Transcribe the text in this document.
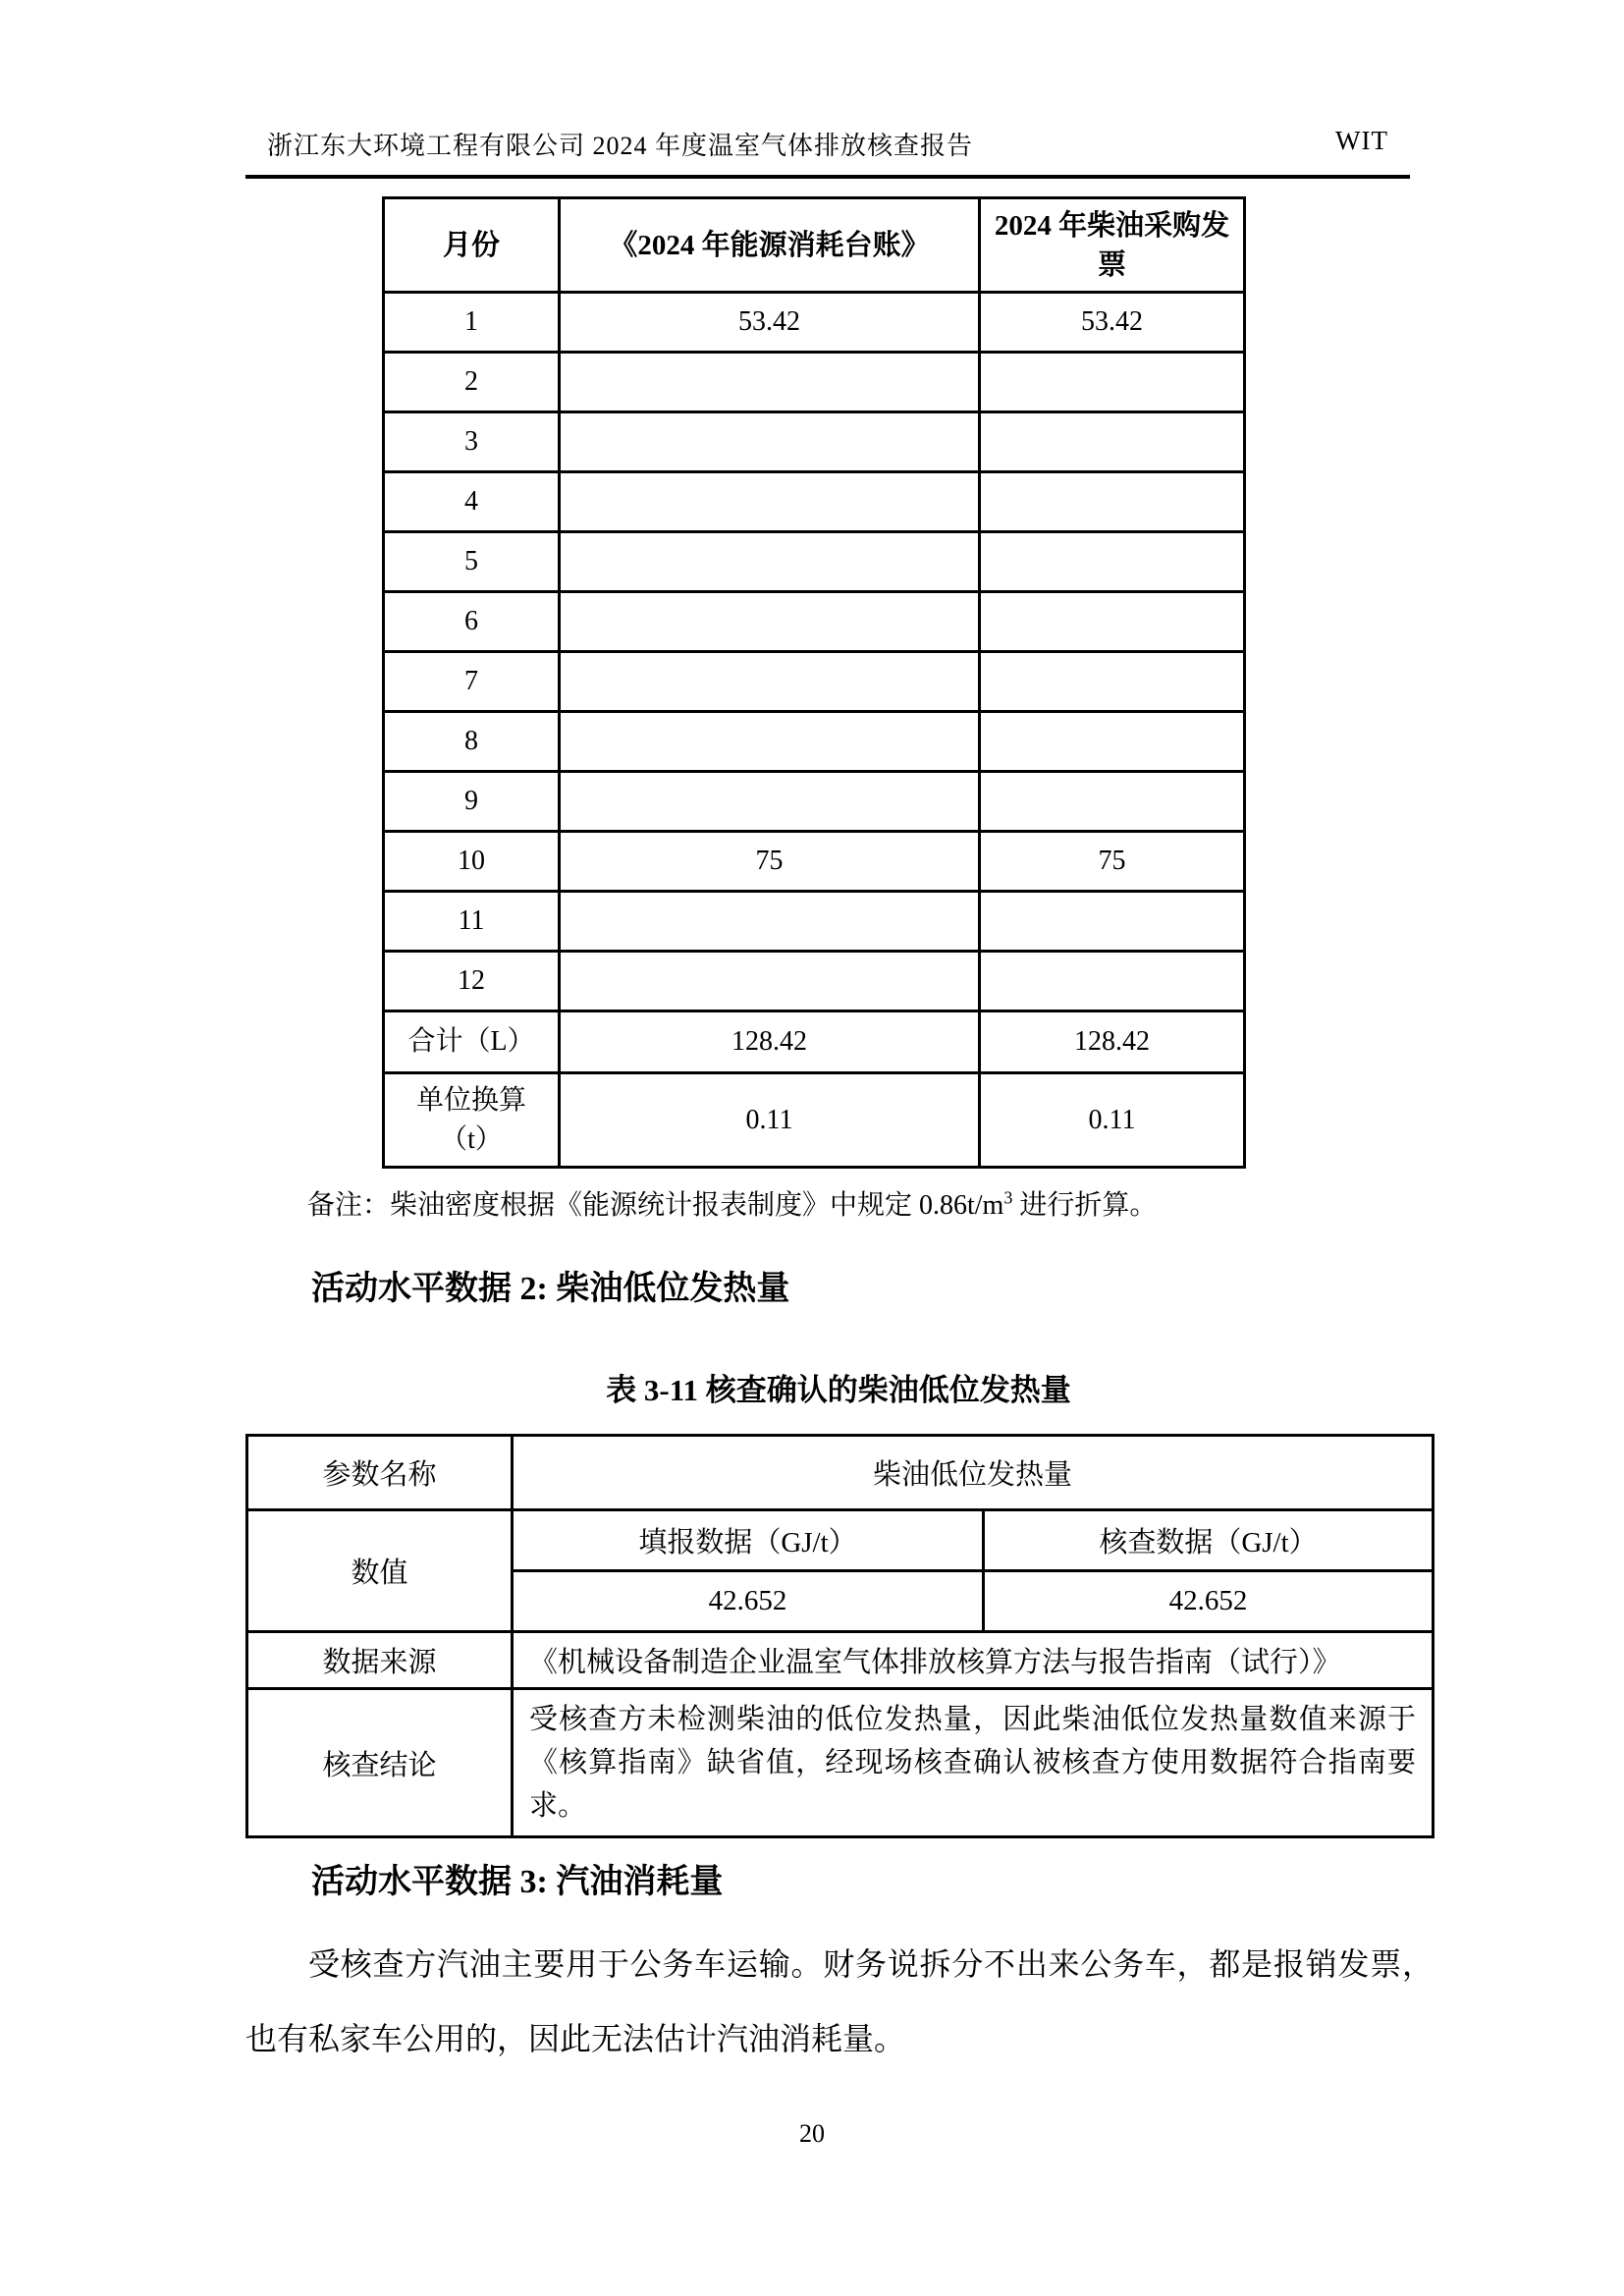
浙江东大环境工程有限公司 2024 年度温室气体排放核查报告	WIT
月份	《2024 年能源消耗台账》	2024 年柴油采购发票
1	53.42	53.42
2		
3		
4		
5		
6		
7		
8		
9		
10	75	75
11		
12		
合计（L）	128.42	128.42

单位换算
（t）	0.11	0.11
备注：柴油密度根据《能源统计报表制度》中规定 $0.86t/m^3$ 进行折算。
活动水平数据 2: 柴油低位发热量
表 3-11 核查确认的柴油低位发热量
参数名称	柴油低位发热量	
数值	填报数据（GJ/t）	核查数据（GJ/t）
	42.652	42.652
数据来源	《机械设备制造企业温室气体排放核算方法与报告指南（试行）》	
核查结论	受核查方未检测柴油的低位发热量，因此柴油低位发热量数值来源于《核算指南》缺省值，经现场核查确认被核查方使用数据符合指南要求。	
活动水平数据 3: 汽油消耗量
受核查方汽油主要用于公务车运输。财务说拆分不出来公务车，都是报销发票，也有私家车公用的，因此无法估计汽油消耗量。
20
